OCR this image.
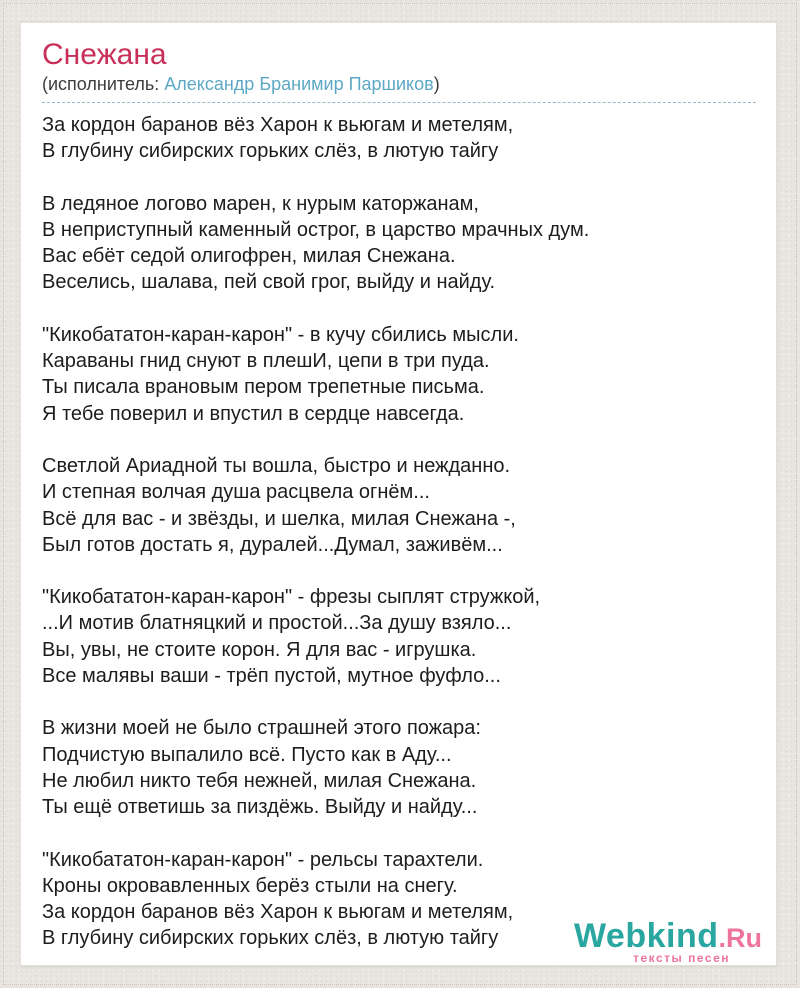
Снежана
(исполнитель: Александр Бранимир Паршиков)
За кордон баранов вёз Харон к вьюгам и метелям,
В глубину сибирских горьких слёз, в лютую тайгу
В ледяное логово марен, к нурым каторжанам,
В неприступный каменный острог, в царство мрачных дум.
Вас ебёт седой олигофрен, милая Снежана.
Веселись, шалава, пей свой грог, выйду и найду.
"Кикобататон-каран-карон" - в кучу сбились мысли.
Караваны гнид снуют в плешИ, цепи в три пуда.
Ты писала врановым пером трепетные письма.
Я тебе поверил и впустил в сердце навсегда.
Светлой Ариадной ты вошла, быстро и нежданно.
И степная волчая душа расцвела огнём...
Всё для вас - и звёзды, и шелка, милая Снежана -,
Был готов достать я, дуралей...Думал, заживём...
"Кикобататон-каран-карон" - фрезы сыплят стружкой,
...И мотив блатняцкий и простой...За душу взяло...
Вы, увы, не стоите корон. Я для вас - игрушка.
Все малявы ваши - трёп пустой, мутное фуфло...
В жизни моей не было страшней этого пожара:
Подчистую выпалило всё. Пусто как в Аду...
Не любил никто тебя нежней, милая Снежана.
Ты ещё ответишь за пиздёжь. Выйду и найду...
"Кикобататон-каран-карон" - рельсы тарахтели.
Кроны окровавленных берёз стыли на снегу.
За кордон баранов вёз Харон к вьюгам и метелям,
В глубину сибирских горьких слёз, в лютую тайгу	Webkind.Ru
тексты песен
